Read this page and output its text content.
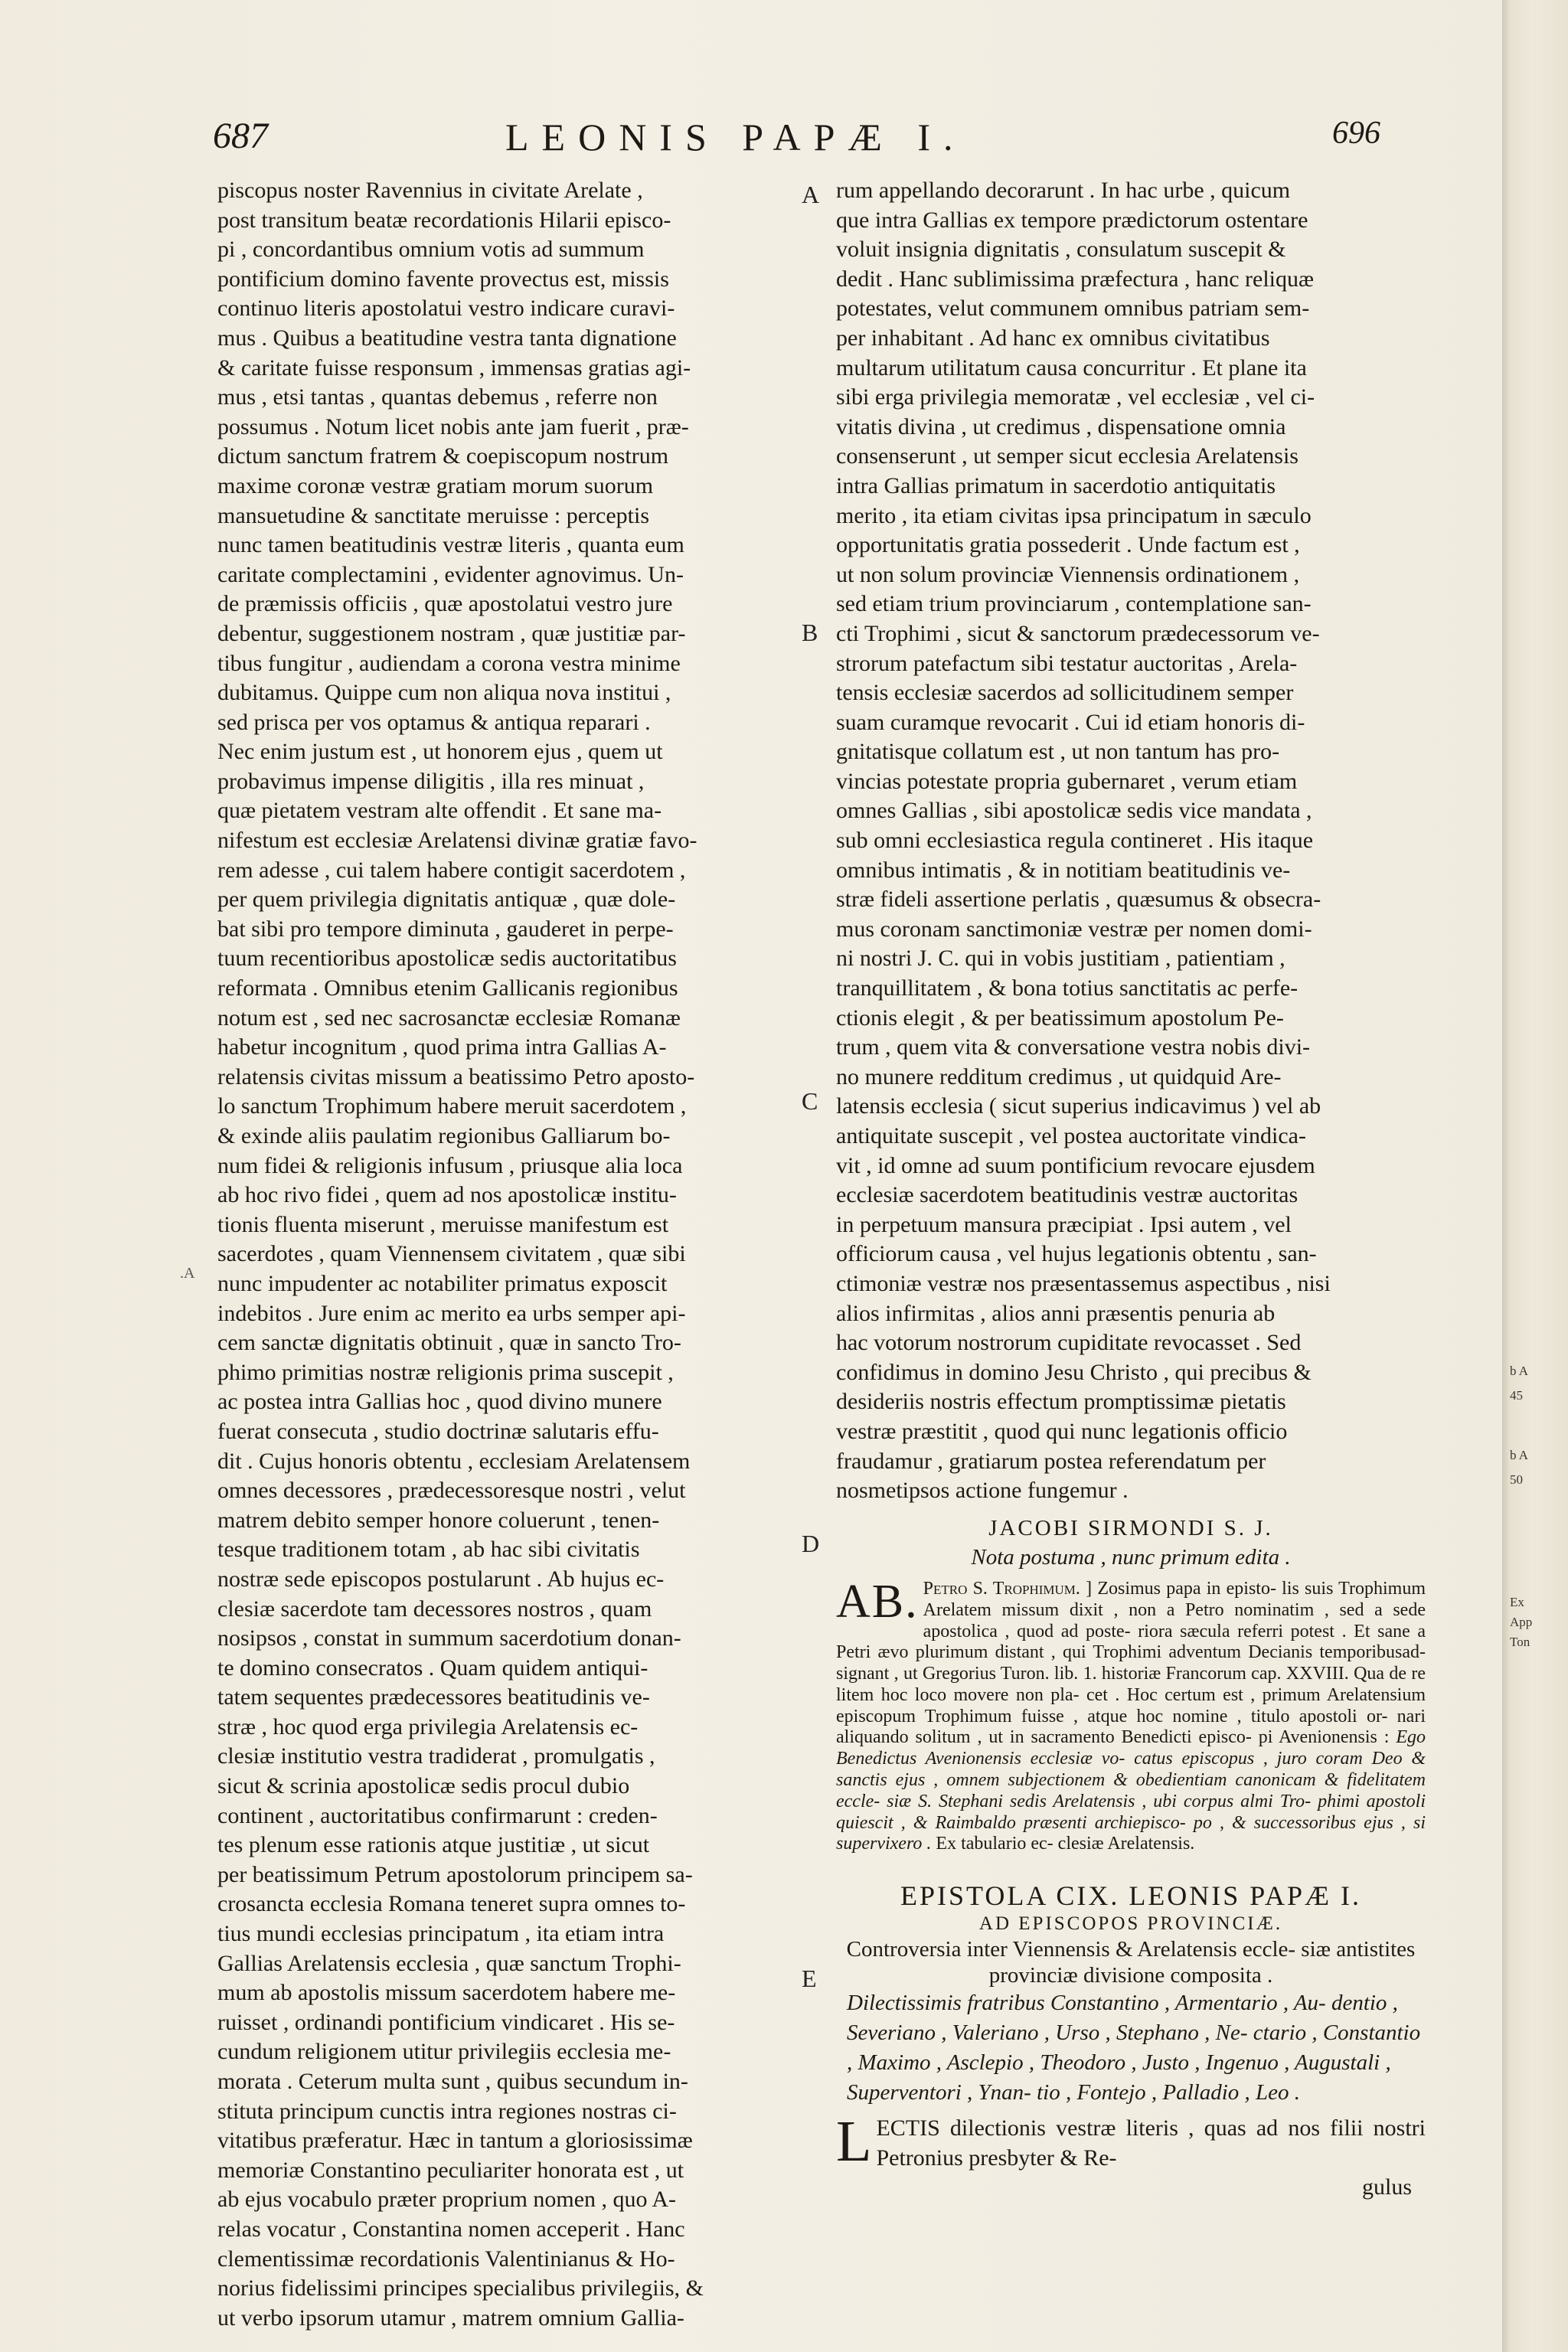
687	LEONIS PAPÆ I.	696
A
B
C
D
E
.A
piscopus noster Ravennius in civitate Arelate ,
post transitum beatæ recordationis Hilarii episco-
pi , concordantibus omnium votis ad summum
pontificium domino favente provectus est, missis
continuo literis apostolatui vestro indicare curavi-
mus . Quibus a beatitudine vestra tanta dignatione
& caritate fuisse responsum , immensas gratias agi-
mus , etsi tantas , quantas debemus , referre non
possumus . Notum licet nobis ante jam fuerit , præ-
dictum sanctum fratrem & coepiscopum nostrum
maxime coronæ vestræ gratiam morum suorum
mansuetudine & sanctitate meruisse : perceptis
nunc tamen beatitudinis vestræ literis , quanta eum
caritate complectamini , evidenter agnovimus. Un-
de præmissis officiis , quæ apostolatui vestro jure
debentur, suggestionem nostram , quæ justitiæ par-
tibus fungitur , audiendam a corona vestra minime
dubitamus. Quippe cum non aliqua nova institui ,
sed prisca per vos optamus & antiqua reparari .
Nec enim justum est , ut honorem ejus , quem ut
probavimus impense diligitis , illa res minuat ,
quæ pietatem vestram alte offendit . Et sane ma-
nifestum est ecclesiæ Arelatensi divinæ gratiæ favo-
rem adesse , cui talem habere contigit sacerdotem ,
per quem privilegia dignitatis antiquæ , quæ dole-
bat sibi pro tempore diminuta , gauderet in perpe-
tuum recentioribus apostolicæ sedis auctoritatibus
reformata . Omnibus etenim Gallicanis regionibus
notum est , sed nec sacrosanctæ ecclesiæ Romanæ
habetur incognitum , quod prima intra Gallias A-
relatensis civitas missum a beatissimo Petro aposto-
lo sanctum Trophimum habere meruit sacerdotem ,
& exinde aliis paulatim regionibus Galliarum bo-
num fidei & religionis infusum , priusque alia loca
ab hoc rivo fidei , quem ad nos apostolicæ institu-
tionis fluenta miserunt , meruisse manifestum est
sacerdotes , quam Viennensem civitatem , quæ sibi
nunc impudenter ac notabiliter primatus exposcit
indebitos . Jure enim ac merito ea urbs semper api-
cem sanctæ dignitatis obtinuit , quæ in sancto Tro-
phimo primitias nostræ religionis prima suscepit ,
ac postea intra Gallias hoc , quod divino munere
fuerat consecuta , studio doctrinæ salutaris effu-
dit . Cujus honoris obtentu , ecclesiam Arelatensem
omnes decessores , prædecessoresque nostri , velut
matrem debito semper honore coluerunt , tenen-
tesque traditionem totam , ab hac sibi civitatis
nostræ sede episcopos postularunt . Ab hujus ec-
clesiæ sacerdote tam decessores nostros , quam
nosipsos , constat in summum sacerdotium donan-
te domino consecratos . Quam quidem antiqui-
tatem sequentes prædecessores beatitudinis ve-
stræ , hoc quod erga privilegia Arelatensis ec-
clesiæ institutio vestra tradiderat , promulgatis ,
sicut & scrinia apostolicæ sedis procul dubio
continent , auctoritatibus confirmarunt : creden-
tes plenum esse rationis atque justitiæ , ut sicut
per beatissimum Petrum apostolorum principem sa-
crosancta ecclesia Romana teneret supra omnes to-
tius mundi ecclesias principatum , ita etiam intra
Gallias Arelatensis ecclesia , quæ sanctum Trophi-
mum ab apostolis missum sacerdotem habere me-
ruisset , ordinandi pontificium vindicaret . His se-
cundum religionem utitur privilegiis ecclesia me-
morata . Ceterum multa sunt , quibus secundum in-
stituta principum cunctis intra regiones nostras ci-
vitatibus præferatur. Hæc in tantum a gloriosissimæ
memoriæ Constantino peculiariter honorata est , ut
ab ejus vocabulo præter proprium nomen , quo A-
relas vocatur , Constantina nomen acceperit . Hanc
clementissimæ recordationis Valentinianus & Ho-
norius fidelissimi principes specialibus privilegiis, &
ut verbo ipsorum utamur , matrem omnium Gallia-
rum appellando decorarunt . In hac urbe , quicum
que intra Gallias ex tempore prædictorum ostentare
voluit insignia dignitatis , consulatum suscepit &
dedit . Hanc sublimissima præfectura , hanc reliquæ
potestates, velut communem omnibus patriam sem-
per inhabitant . Ad hanc ex omnibus civitatibus
multarum utilitatum causa concurritur . Et plane ita
sibi erga privilegia memoratæ , vel ecclesiæ , vel ci-
vitatis divina , ut credimus , dispensatione omnia
consenserunt , ut semper sicut ecclesia Arelatensis
intra Gallias primatum in sacerdotio antiquitatis
merito , ita etiam civitas ipsa principatum in sæculo
opportunitatis gratia possederit . Unde factum est ,
ut non solum provinciæ Viennensis ordinationem ,
sed etiam trium provinciarum , contemplatione san-
cti Trophimi , sicut & sanctorum prædecessorum ve-
strorum patefactum sibi testatur auctoritas , Arela-
tensis ecclesiæ sacerdos ad sollicitudinem semper
suam curamque revocarit . Cui id etiam honoris di-
gnitatisque collatum est , ut non tantum has pro-
vincias potestate propria gubernaret , verum etiam
omnes Gallias , sibi apostolicæ sedis vice mandata ,
sub omni ecclesiastica regula contineret . His itaque
omnibus intimatis , & in notitiam beatitudinis ve-
stræ fideli assertione perlatis , quæsumus & obsecra-
mus coronam sanctimoniæ vestræ per nomen domi-
ni nostri J. C. qui in vobis justitiam , patientiam ,
tranquillitatem , & bona totius sanctitatis ac perfe-
ctionis elegit , & per beatissimum apostolum Pe-
trum , quem vita & conversatione vestra nobis divi-
no munere redditum credimus , ut quidquid Are-
latensis ecclesia ( sicut superius indicavimus ) vel ab
antiquitate suscepit , vel postea auctoritate vindica-
vit , id omne ad suum pontificium revocare ejusdem
ecclesiæ sacerdotem beatitudinis vestræ auctoritas
in perpetuum mansura præcipiat . Ipsi autem , vel
officiorum causa , vel hujus legationis obtentu , san-
ctimoniæ vestræ nos præsentassemus aspectibus , nisi
alios infirmitas , alios anni præsentis penuria ab
hac votorum nostrorum cupiditate revocasset . Sed
confidimus in domino Jesu Christo , qui precibus &
desideriis nostris effectum promptissimæ pietatis
vestræ præstitit , quod qui nunc legationis officio
fraudamur , gratiarum postea referendatum per
nosmetipsos actione fungemur .
JACOBI SIRMONDI S. J.
Nota postuma , nunc primum edita .
AB. Petro S. Trophimum. ] Zosimus papa in episto- lis suis Trophimum Arelatem missum dixit , non a Petro nominatim , sed a sede apostolica , quod ad poste- riora sæcula referri potest . Et sane a Petri ævo plurimum distant , qui Trophimi adventum Decianis temporibusad- signant , ut Gregorius Turon. lib. 1. historiæ Francorum cap. XXVIII. Qua de re litem hoc loco movere non pla- cet . Hoc certum est , primum Arelatensium episcopum Trophimum fuisse , atque hoc nomine , titulo apostoli or- nari aliquando solitum , ut in sacramento Benedicti episco- pi Avenionensis : Ego Benedictus Avenionensis ecclesiæ vo- catus episcopus , juro coram Deo & sanctis ejus , omnem subjectionem & obedientiam canonicam & fidelitatem eccle- siæ S. Stephani sedis Arelatensis , ubi corpus almi Tro- phimi apostoli quiescit , & Raimbaldo præsenti archiepisco- po , & successoribus ejus , si supervixero . Ex tabulario ec- clesiæ Arelatensis.
EPISTOLA CIX. LEONIS PAPÆ I.
AD EPISCOPOS PROVINCIÆ.
Controversia inter Viennensis & Arelatensis eccle- siæ antistites provinciæ divisione composita .
Dilectissimis fratribus Constantino , Armentario , Au- dentio , Severiano , Valeriano , Urso , Stephano , Ne- ctario , Constantio , Maximo , Asclepio , Theodoro , Justo , Ingenuo , Augustali , Superventori , Ynan- tio , Fontejo , Palladio , Leo .
L ECTIS dilectionis vestræ literis , quas ad nos filii nostri Petronius presbyter & Re-
gulus
b A
45
b A
50
Ex
App
Ton
